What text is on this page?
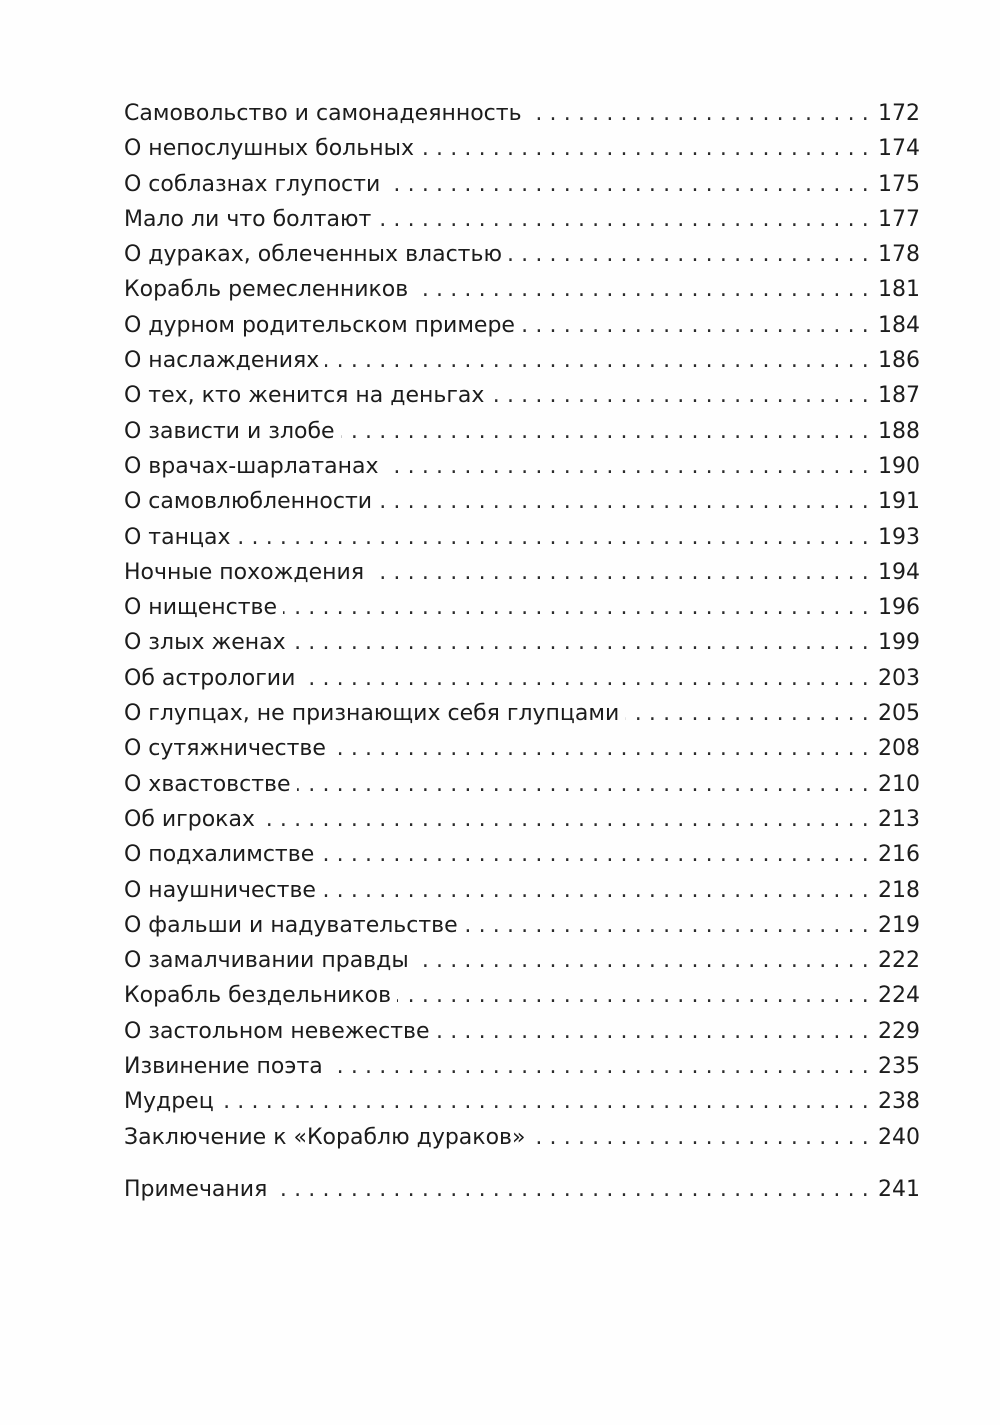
Самовольство и самонадеянность .....	172
О непослушных больных .....	174
О соблазнах глупости .....	175
Мало ли что болтают .....	177
О дураках, облеченных властью .....	178
Корабль ремесленников .....	181
О дурном родительском примере .....	184
О наслаждениях .....	186
О тех, кто женится на деньгах .....	187
О зависти и злобе .....	188
О врачах-шарлатанах .....	190
О самовлюбленности .....	191
О танцах .....	193
Ночные похождения .....	194
О нищенстве .....	196
О злых женах .....	199
Об астрологии .....	203
О глупцах, не признающих себя глупцами .....	205
О сутяжничестве .....	208
О хвастовстве .....	210
Об игроках .....	213
О подхалимстве .....	216
О наушничестве .....	218
О фальши и надувательстве .....	219
О замалчивании правды .....	222
Корабль бездельников .....	224
О застольном невежестве .....	229
Извинение поэта .....	235
Мудрец .....	238
Заключение к «Кораблю дураков» .....	240
Примечания .....	241
